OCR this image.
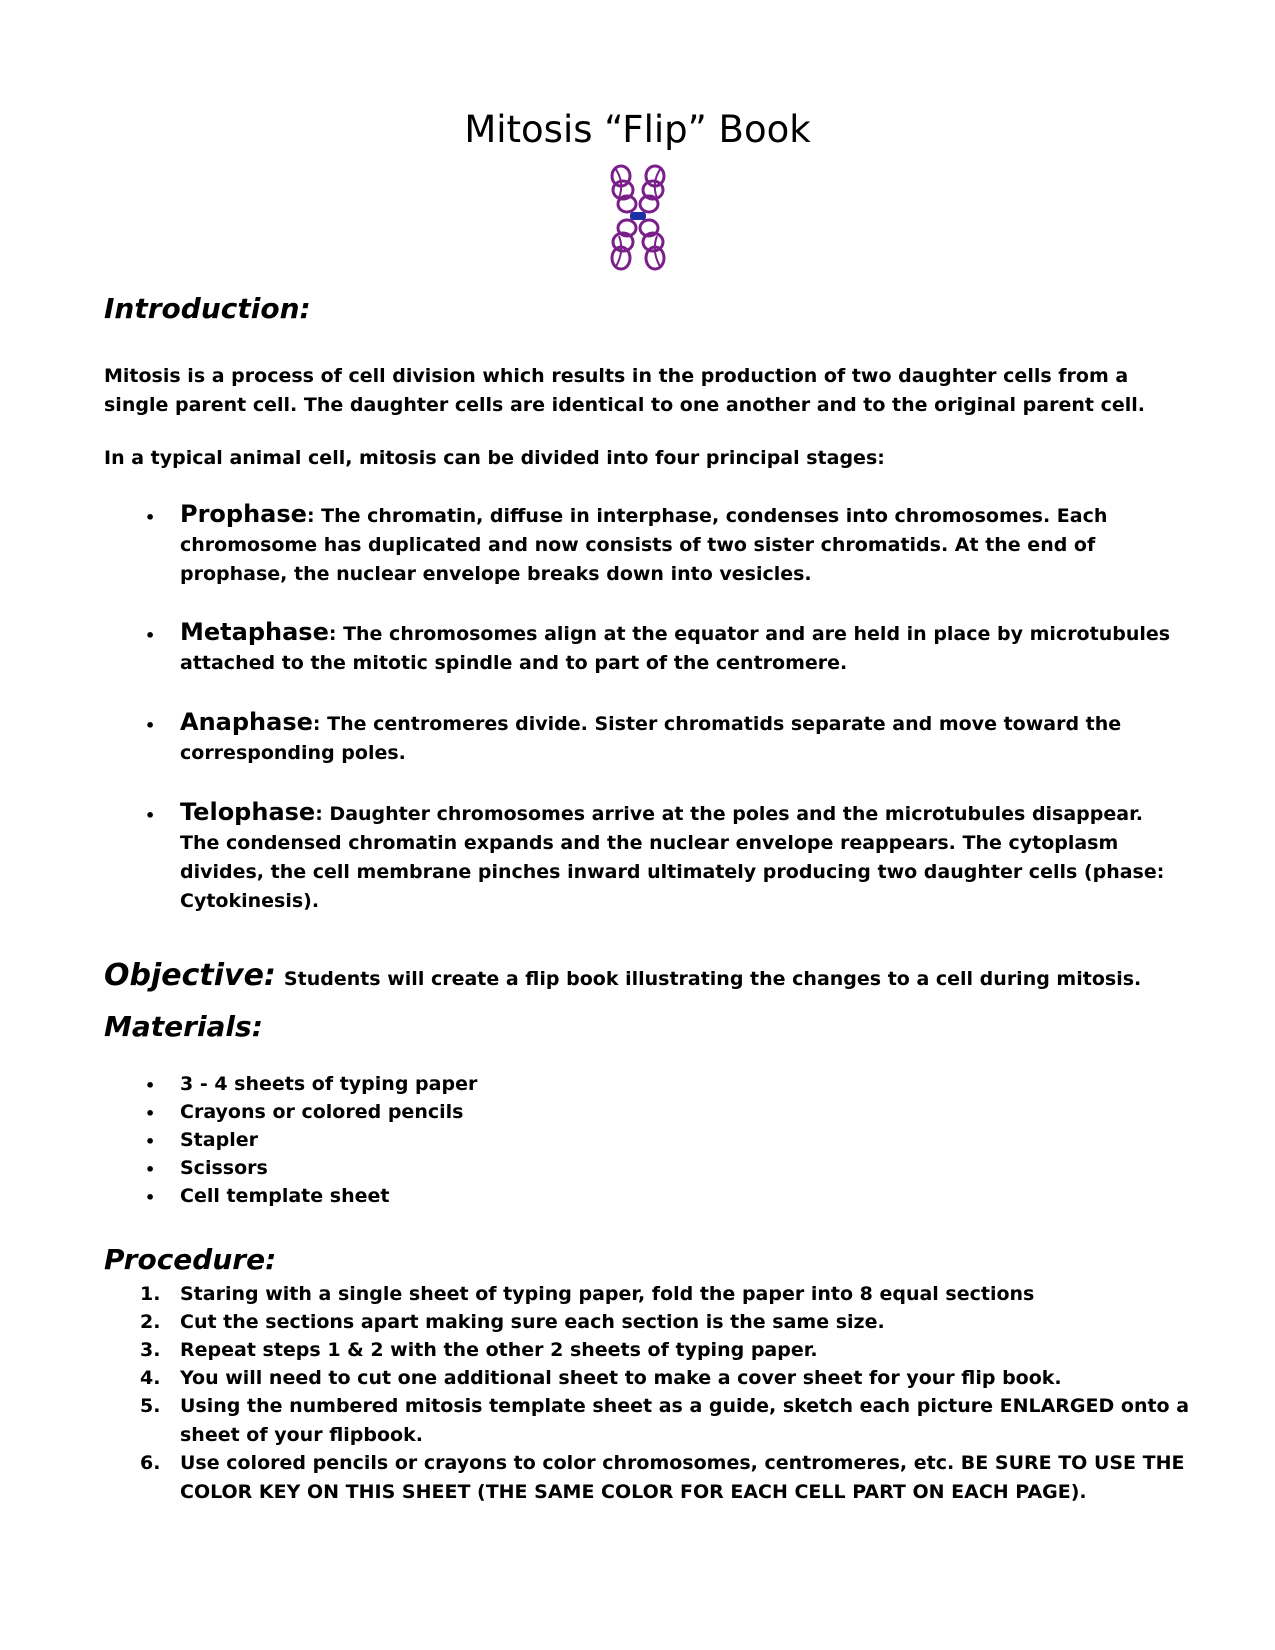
Mitosis “Flip” Book
Introduction:
Mitosis is a process of cell division which results in the production of two daughter cells from a single parent cell. The daughter cells are identical to one another and to the original parent cell.
In a typical animal cell, mitosis can be divided into four principal stages:
• Prophase: The chromatin, diffuse in interphase, condenses into chromosomes. Each chromosome has duplicated and now consists of two sister chromatids. At the end of prophase, the nuclear envelope breaks down into vesicles.
• Metaphase: The chromosomes align at the equator and are held in place by microtubules attached to the mitotic spindle and to part of the centromere.
• Anaphase: The centromeres divide. Sister chromatids separate and move toward the corresponding poles.
• Telophase: Daughter chromosomes arrive at the poles and the microtubules disappear. The condensed chromatin expands and the nuclear envelope reappears. The cytoplasm divides, the cell membrane pinches inward ultimately producing two daughter cells (phase: Cytokinesis).
Objective: Students will create a flip book illustrating the changes to a cell during mitosis.
Materials:
• 3 - 4 sheets of typing paper
• Crayons or colored pencils
• Stapler
• Scissors
• Cell template sheet
Procedure:
1. Staring with a single sheet of typing paper, fold the paper into 8 equal sections
2. Cut the sections apart making sure each section is the same size.
3. Repeat steps 1 & 2 with the other 2 sheets of typing paper.
4. You will need to cut one additional sheet to make a cover sheet for your flip book.
5. Using the numbered mitosis template sheet as a guide, sketch each picture ENLARGED onto a sheet of your flipbook.
6. Use colored pencils or crayons to color chromosomes, centromeres, etc. BE SURE TO USE THE COLOR KEY ON THIS SHEET (THE SAME COLOR FOR EACH CELL PART ON EACH PAGE).
